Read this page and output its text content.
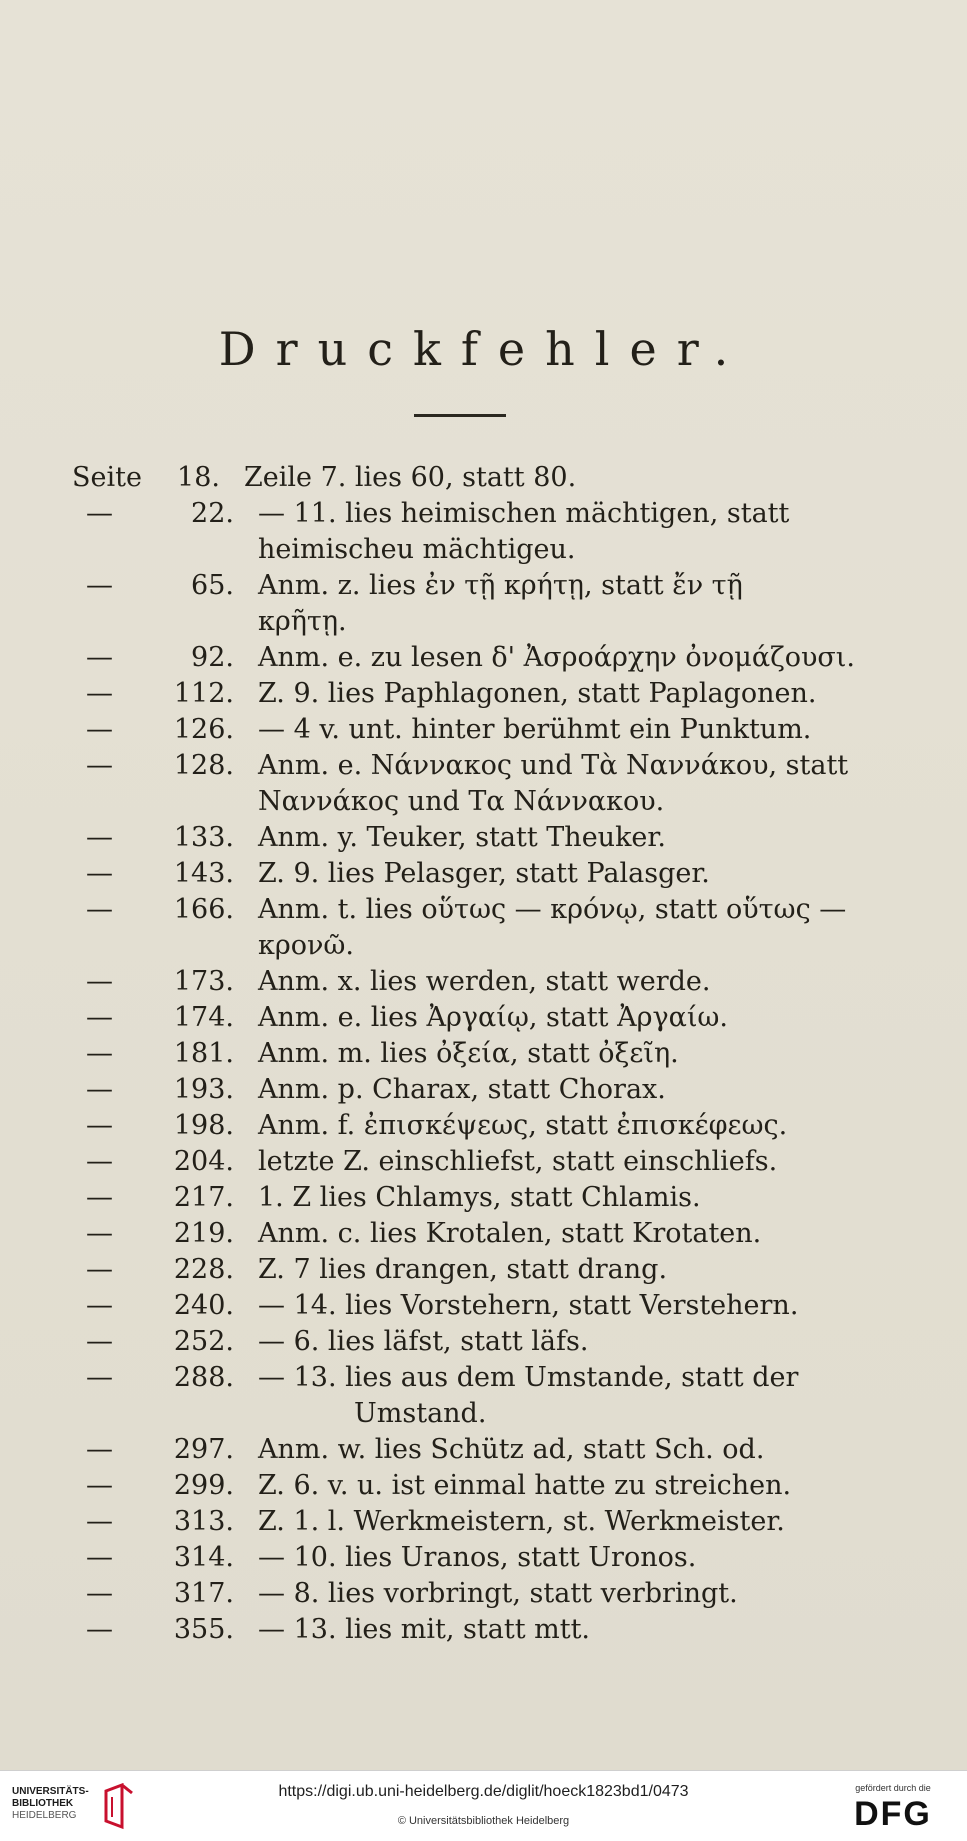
Druckfehler.
Seite	18. Zeile 7. lies 60, statt 80.
—	22. — 11. lies heimischen mächtigen, statt
heimischeu mächtigeu.
—	65. Anm. z. lies ἐν τῇ κρήτῃ, statt ἔν τῇ
κρῆτῃ.
—	92. Anm. e. zu lesen δ' Ἀσροάρχην ὀνομάζουσι.
—	112. Z. 9. lies Paphlagonen, statt Paplagonen.
—	126. — 4 v. unt. hinter berühmt ein Punktum.
—	128. Anm. e. Νάννακος und Τὰ Ναννάκου, statt
Ναννάκος und Τα Νάννακου.
—	133. Anm. y. Teuker, statt Theuker.
—	143. Z. 9. lies Pelasger, statt Palasger.
—	166. Anm. t. lies οὕτως — κρόνῳ, statt οὕτως —
κρονῶ.
—	173. Anm. x. lies werden, statt werde.
—	174. Anm. e. lies Ἀργαίῳ, statt Ἀργαίω.
—	181. Anm. m. lies ὀξεία, statt ὀξεῖη.
—	193. Anm. p. Charax, statt Chorax.
—	198. Anm. f. ἐπισκέψεως, statt ἐπισκέφεως.
—	204. letzte Z. einschliefst, statt einschliefs.
—	217. 1. Z lies Chlamys, statt Chlamis.
—	219. Anm. c. lies Krotalen, statt Krotaten.
—	228. Z. 7 lies drangen, statt drang.
—	240. — 14. lies Vorstehern, statt Verstehern.
—	252. — 6. lies läfst, statt läfs.
—	288. — 13. lies aus dem Umstande, statt der
Umstand.
—	297. Anm. w. lies Schütz ad, statt Sch. od.
—	299. Z. 6. v. u. ist einmal hatte zu streichen.
—	313. Z. 1. l. Werkmeistern, st. Werkmeister.
—	314. — 10. lies Uranos, statt Uronos.
—	317. — 8. lies vorbringt, statt verbringt.
—	355. — 13. lies mit, statt mtt.
UNIVERSITÄTS-
BIBLIOTHEK
HEIDELBERG
https://digi.ub.uni-heidelberg.de/diglit/hoeck1823bd1/0473
© Universitätsbibliothek Heidelberg
gefördert durch die
DFG
